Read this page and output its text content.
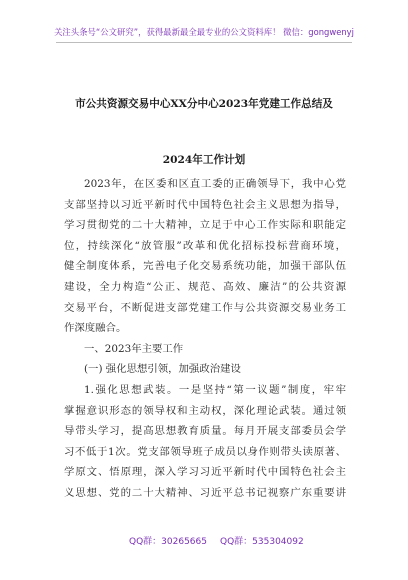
关注头条号“公文研究”，获得最新最全最专业的公文资料库！ 微信：gongwenyj
市公共资源交易中心XX分中心2023年党建工作总结及
2024年工作计划
2023年，在区委和区直工委的正确领导下，我中心党
支部坚持以习近平新时代中国特色社会主义思想为指导，
学习贯彻党的二十大精神，立足于中心工作实际和职能定
位，持续深化“放管服”改革和优化招标投标营商环境，
健全制度体系，完善电子化交易系统功能，加强干部队伍
建设，全力构造“公正、规范、高效、廉洁”的公共资源
交易平台，不断促进支部党建工作与公共资源交易业务工
作深度融合。
一、2023年主要工作
(一) 强化思想引领，加强政治建设
1.强化思想武装。一是坚持“第一议题”制度，牢牢
掌握意识形态的领导权和主动权，深化理论武装。通过领
导带头学习，提高思想教育质量。每月开展支部委员会学
习不低于1次。党支部领导班子成员以身作则带头读原著、
学原文、悟原理，深入学习习近平新时代中国特色社会主
义思想、党的二十大精神、习近平总书记视察广东重要讲
QQ群：30265665 QQ群：535304092
